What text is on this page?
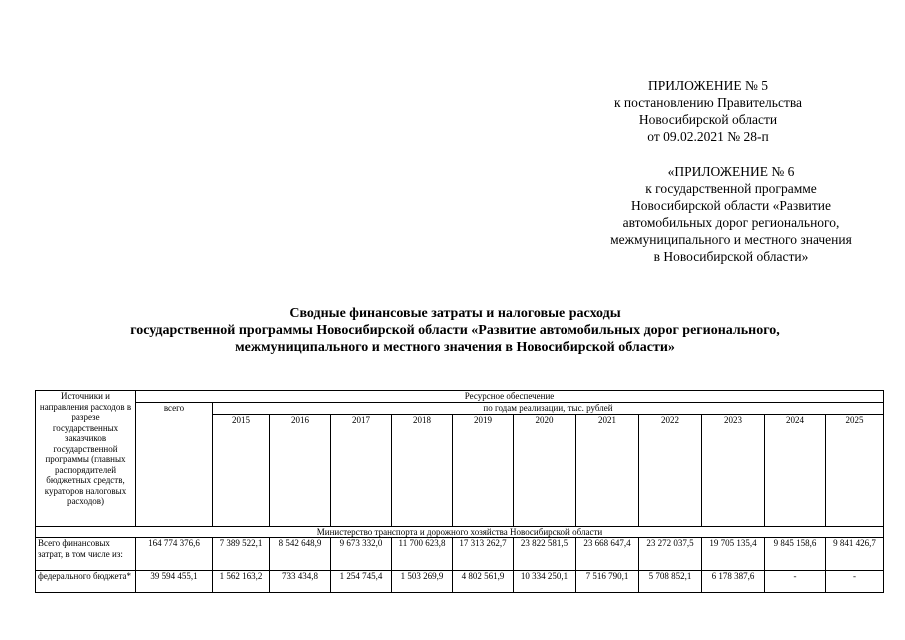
ПРИЛОЖЕНИЕ № 5
к постановлению Правительства
Новосибирской области
от 09.02.2021 № 28-п
«ПРИЛОЖЕНИЕ № 6
к государственной программе
Новосибирской области «Развитие
автомобильных дорог регионального,
межмуниципального и местного значения
в Новосибирской области»
Сводные финансовые затраты и налоговые расходы
государственной программы Новосибирской области «Развитие автомобильных дорог регионального,
межмуниципального и местного значения в Новосибирской области»
Источники и направления расходов в разрезе государственных заказчиков государственной программы (главных распорядителей бюджетных средств, кураторов налоговых расходов)	Ресурсное обеспечение											
	всего	по годам реализации, тыс. рублей										
		2015	2016	2017	2018	2019	2020	2021	2022	2023	2024	2025
Министерство транспорта и дорожного хозяйства Новосибирской области												
Всего финансовых затрат, в том числе из:	164 774 376,6	7 389 522,1	8 542 648,9	9 673 332,0	11 700 623,8	17 313 262,7	23 822 581,5	23 668 647,4	23 272 037,5	19 705 135,4	9 845 158,6	9 841 426,7
федерального бюджета*	39 594 455,1	1 562 163,2	733 434,8	1 254 745,4	1 503 269,9	4 802 561,9	10 334 250,1	7 516 790,1	5 708 852,1	6 178 387,6	-	-
